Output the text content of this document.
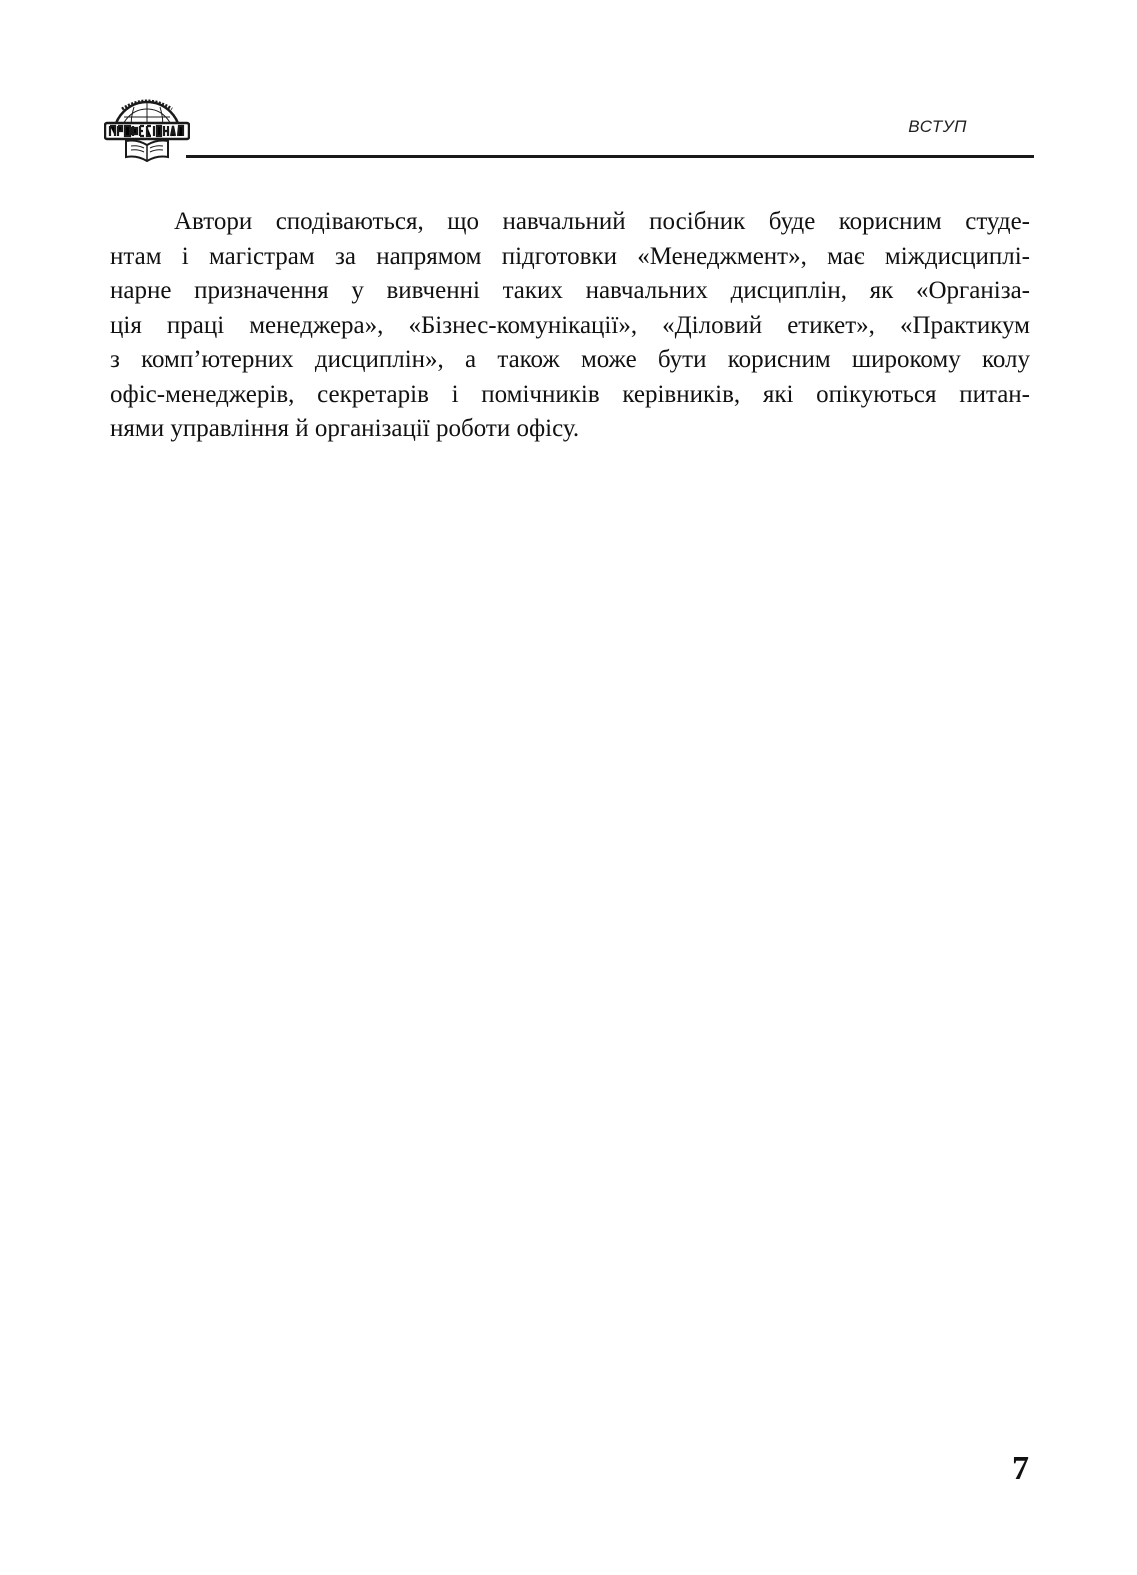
ВСТУП

Автори сподіваються, що навчальний посібник буде корисним студе-
нтам і магістрам за напрямом підготовки «Менеджмент», має міждисциплі-
нарне призначення у вивченні таких навчальних дисциплін, як «Організа-
ція праці менеджера», «Бізнес-комунікації», «Діловий етикет», «Практикум
з комп’ютерних дисциплін», а також може бути корисним широкому колу
офіс-менеджерів, секретарів і помічників керівників, які опікуються питан-
нями управління й організації роботи офісу.

7
